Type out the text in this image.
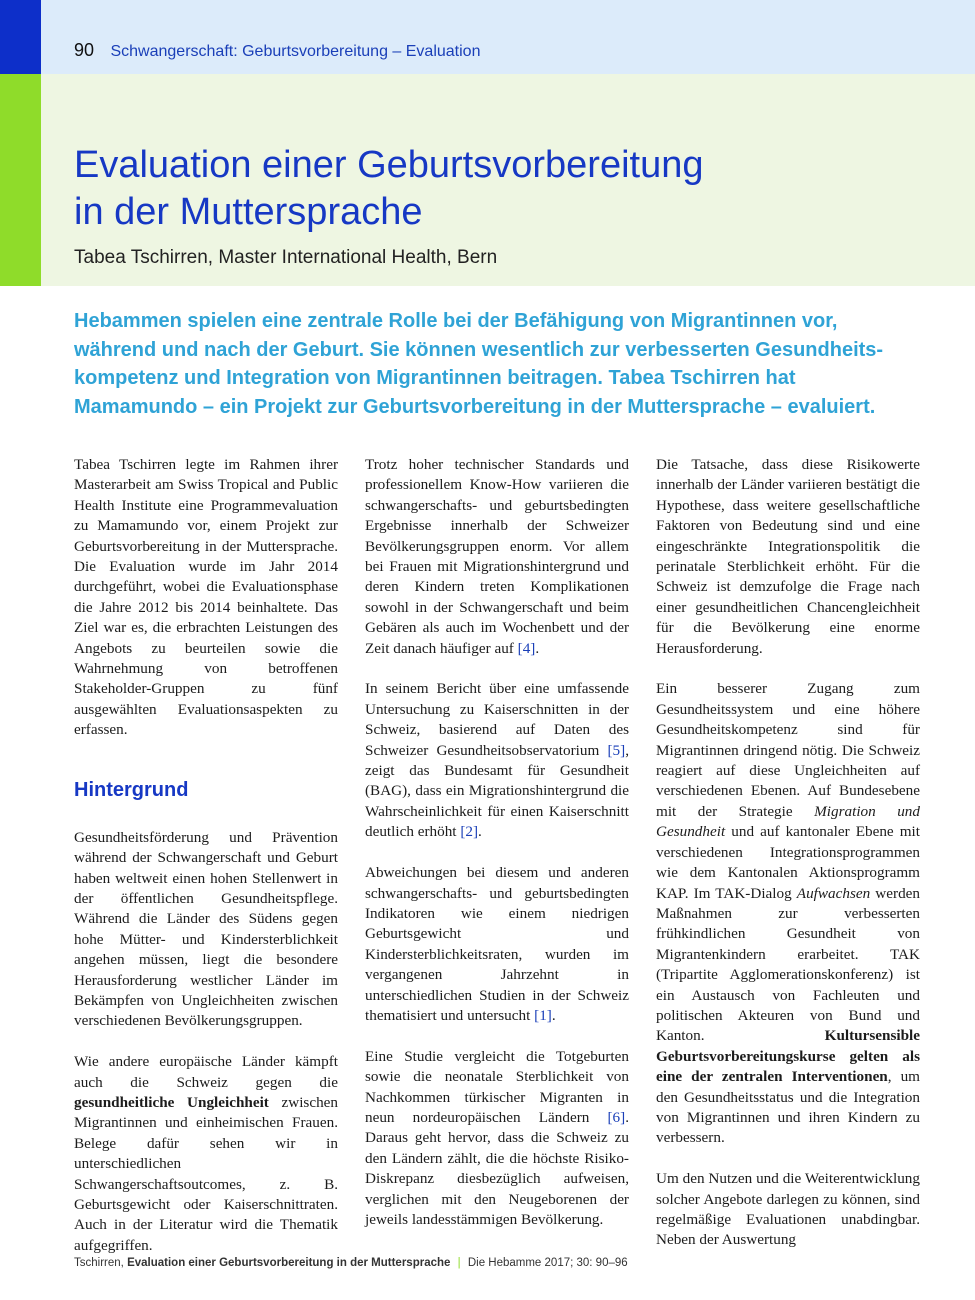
90 Schwangerschaft: Geburtsvorbereitung – Evaluation
Evaluation einer Geburtsvorbereitung
in der Muttersprache
Tabea Tschirren, Master International Health, Bern

Hebammen spielen eine zentrale Rolle bei der Befähigung von Migrantinnen vor,

während und nach der Geburt. Sie können wesentlich zur verbesserten Gesundheits-

kompetenz und Integration von Migrantinnen beitragen. Tabea Tschirren hat

Mamamundo – ein Projekt zur Geburtsvorbereitung in der Muttersprache – evaluiert.

Tabea Tschirren legte im Rahmen ihrer Masterarbeit am Swiss Tropical and Public Health Institute eine Programmevaluation zu Mamamundo vor, einem Projekt zur Geburtsvorbereitung in der Muttersprache. Die Evaluation wurde im Jahr 2014 durchgeführt, wobei die Evaluationsphase die Jahre 2012 bis 2014 beinhaltete. Das Ziel war es, die erbrachten Leistungen des Angebots zu beurteilen sowie die Wahrnehmung von betroffenen Stakeholder-Gruppen zu fünf ausgewählten Evaluationsaspekten zu erfassen.

Hintergrund

Gesundheitsförderung und Prävention während der Schwangerschaft und Geburt haben weltweit einen hohen Stellenwert in der öffentlichen Gesundheitspflege. Während die Länder des Südens gegen hohe Mütter- und Kindersterblichkeit angehen müssen, liegt die besondere Herausforderung westlicher Länder im Bekämpfen von Ungleichheiten zwischen verschiedenen Bevölkerungsgruppen.

Wie andere europäische Länder kämpft auch die Schweiz gegen die gesundheitliche Ungleichheit zwischen Migrantinnen und einheimischen Frauen. Belege dafür sehen wir in unterschiedlichen Schwangerschaftsoutcomes, z. B. Geburtsgewicht oder Kaiserschnittraten. Auch in der Literatur wird die Thematik aufgegriffen.

Trotz hoher technischer Standards und professionellem Know-How variieren die schwangerschafts- und geburtsbedingten Ergebnisse innerhalb der Schweizer Bevölkerungsgruppen enorm. Vor allem bei Frauen mit Migrationshintergrund und deren Kindern treten Komplikationen sowohl in der Schwangerschaft und beim Gebären als auch im Wochenbett und der Zeit danach häufiger auf [4].

In seinem Bericht über eine umfassende Untersuchung zu Kaiserschnitten in der Schweiz, basierend auf Daten des Schweizer Gesundheitsobservatorium [5], zeigt das Bundesamt für Gesundheit (BAG), dass ein Migrationshintergrund die Wahrscheinlichkeit für einen Kaiserschnitt deutlich erhöht [2].

Abweichungen bei diesem und anderen schwangerschafts- und geburtsbedingten Indikatoren wie einem niedrigen Geburtsgewicht und Kindersterblichkeitsraten, wurden im vergangenen Jahrzehnt in unterschiedlichen Studien in der Schweiz thematisiert und untersucht [1].

Eine Studie vergleicht die Totgeburten sowie die neonatale Sterblichkeit von Nachkommen türkischer Migranten in neun nordeuropäischen Ländern [6]. Daraus geht hervor, dass die Schweiz zu den Ländern zählt, die die höchste Risiko-Diskrepanz diesbezüglich aufweisen, verglichen mit den Neugeborenen der jeweils landesstämmigen Bevölkerung.

Die Tatsache, dass diese Risikowerte innerhalb der Länder variieren bestätigt die Hypothese, dass weitere gesellschaftliche Faktoren von Bedeutung sind und eine eingeschränkte Integrationspolitik die perinatale Sterblichkeit erhöht. Für die Schweiz ist demzufolge die Frage nach einer gesundheitlichen Chancengleichheit für die Bevölkerung eine enorme Herausforderung.

Ein besserer Zugang zum Gesundheitssystem und eine höhere Gesundheitskompetenz sind für Migrantinnen dringend nötig. Die Schweiz reagiert auf diese Ungleichheiten auf verschiedenen Ebenen. Auf Bundesebene mit der Strategie Migration und Gesundheit und auf kantonaler Ebene mit verschiedenen Integrationsprogrammen wie dem Kantonalen Aktionsprogramm KAP. Im TAK-Dialog Aufwachsen werden Maßnahmen zur verbesserten frühkindlichen Gesundheit von Migrantenkindern erarbeitet. TAK (Tripartite Agglomerationskonferenz) ist ein Austausch von Fachleuten und politischen Akteuren von Bund und Kanton. Kultursensible Geburtsvorbereitungskurse gelten als eine der zentralen Interventionen, um den Gesundheitsstatus und die Integration von Migrantinnen und ihren Kindern zu verbessern.

Um den Nutzen und die Weiterentwicklung solcher Angebote darlegen zu können, sind regelmäßige Evaluationen unabdingbar. Neben der Auswertung

Tschirren, Evaluation einer Geburtsvorbereitung in der Muttersprache | Die Hebamme 2017; 30: 90–96
